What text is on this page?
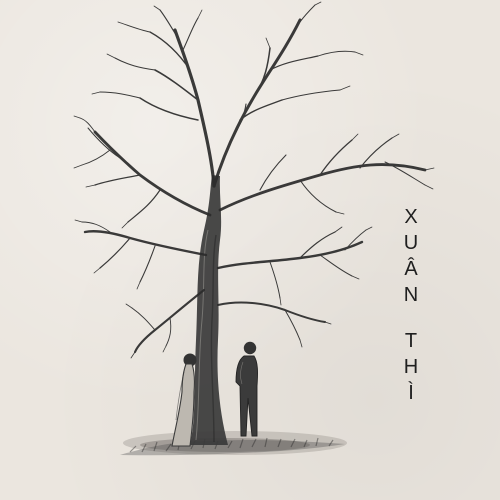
X
U
Â
N
T
H
Ì
